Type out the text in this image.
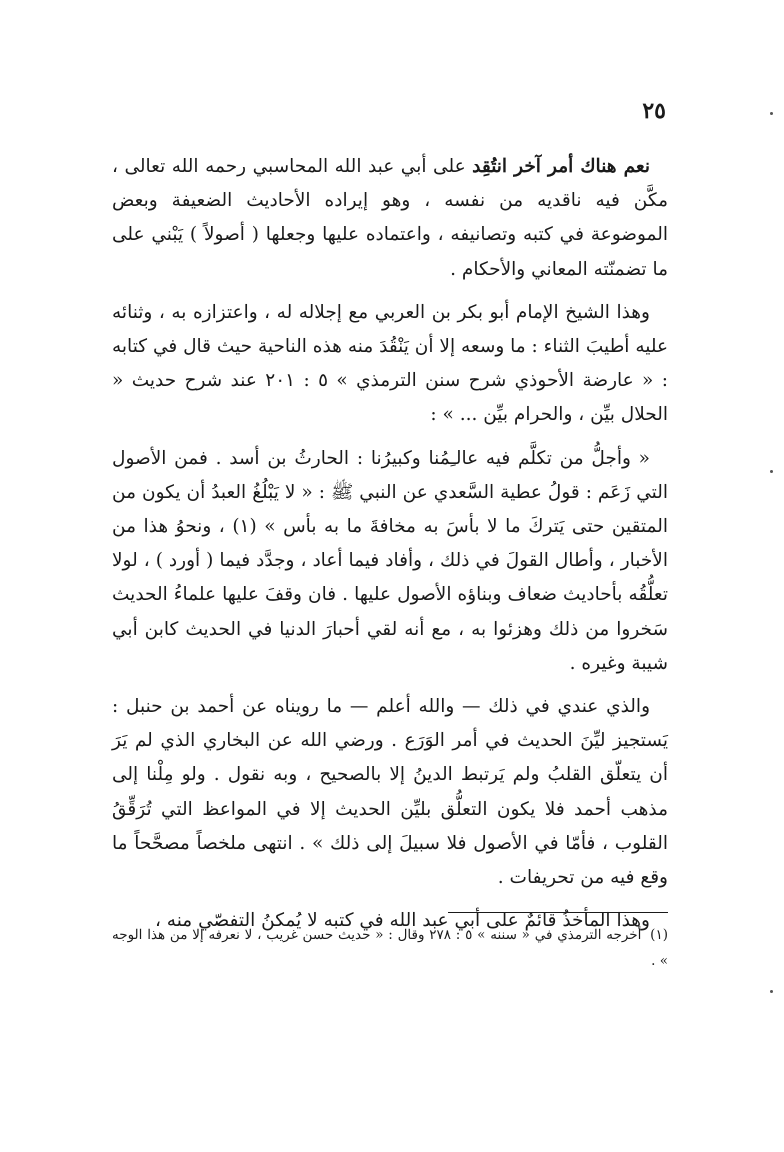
٢٥

نعم هناك أمر آخر انتُقِد على أبي عبد الله المحاسبي رحمه الله تعالى ، مكَّن فيه ناقديه من نفسه ، وهو إيراده الأحاديث الضعيفة وبعض الموضوعة في كتبه وتصانيفه ، واعتماده عليها وجعلها ( أصولاً ) يَبْني على ما تضمنّته المعاني والأحكام .

وهذا الشيخ الإمام أبو بكر بن العربي مع إجلاله له ، واعتزازه به ، وثنائه عليه أطيبَ الثناء : ما وسعه إلا أن يَنْقُدَ منه هذه الناحية حيث قال في كتابه : « عارضة الأحوذي شرح سنن الترمذي » ٥ : ٢٠١ عند شرح حديث « الحلال بيِّن ، والحرام بيِّن ... » :

« وأجلُّ من تكلَّم فيه عالـِمُنا وكبيرُنا : الحارثُ بن أسد . فمن الأصول التي زَعَم : قولُ عطية السَّعدي عن النبي ﷺ : « لا يَبْلُغُ العبدُ أن يكون من المتقين حتى يَتركَ ما لا بأسَ به مخافةَ ما به بأس » (١) ، ونحوُ هذا من الأخبار ، وأطال القولَ في ذلك ، وأفاد فيما أعاد ، وجدَّد فيما ( أورد ) ، لولا تعلُّقُه بأحاديث ضعاف وبناؤه الأصول عليها . فان وقفَ عليها علماءُ الحديث سَخروا من ذلك وهزئوا به ، مع أنه لقي أحبارَ الدنيا في الحديث كابن أبي شيبة وغيره .

والذي عندي في ذلك — والله أعلم — ما رويناه عن أحمد بن حنبل : يَستجيز ليِّنَ الحديث في أمر الوَرَع . ورضي الله عن البخاري الذي لم يَرَ أن يتعلّق القلبُ ولم يَرتبط الدينُ إلا بالصحيح ، وبه نقول . ولو مِلْنا إلى مذهب أحمد فلا يكون التعلُّق بليِّن الحديث إلا في المواعظ التي تُرَقِّقُ القلوب ، فأمّا في الأصول فلا سبيلَ إلى ذلك » . انتهى ملخصاً مصحَّحاً ما وقع فيه من تحريفات .

وهذا المأخذُ قائمٌ على أبي عبد الله في كتبه لا يُمكنُ التفصّي منه ،

(١) أخرجه الترمذي في « سننه » ٥ : ٢٧٨ وقال : « حديث حسن غريب ، لا نعرفه إلا من هذا الوجه » .
